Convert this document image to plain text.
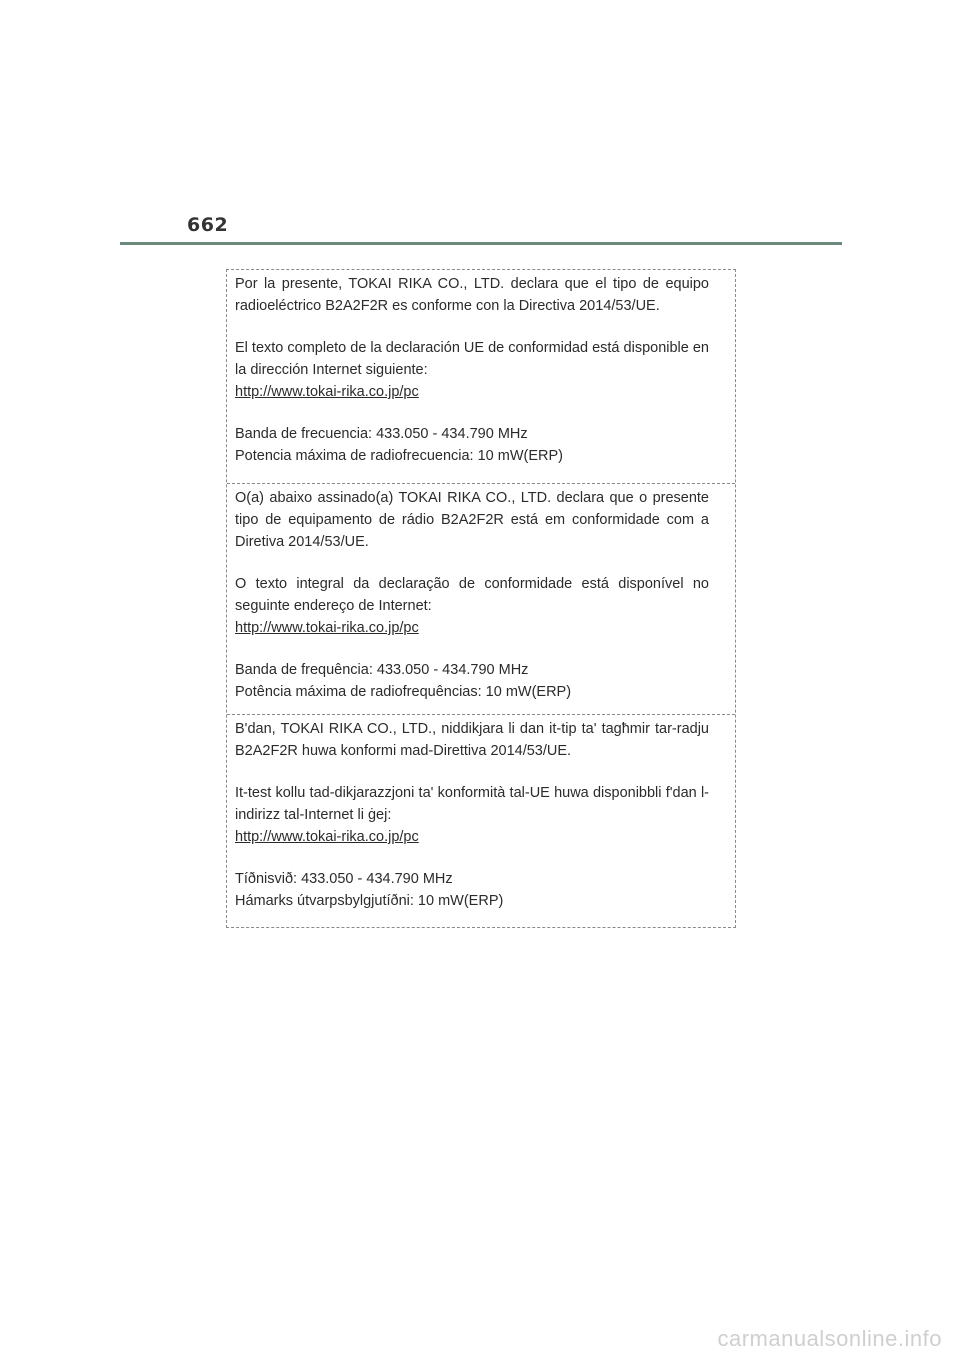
662

Por la presente, TOKAI RIKA CO., LTD. declara que el tipo de equipo radioeléctrico B2A2F2R es conforme con la Directiva 2014/53/UE.

El texto completo de la declaración UE de conformidad está disponible en la dirección Internet siguiente:
http://www.tokai-rika.co.jp/pc

Banda de frecuencia: 433.050 - 434.790 MHz
Potencia máxima de radiofrecuencia: 10 mW(ERP)

O(a) abaixo assinado(a) TOKAI RIKA CO., LTD. declara que o presente tipo de equipamento de rádio B2A2F2R está em conformidade com a Diretiva 2014/53/UE.

O texto integral da declaração de conformidade está disponível no seguinte endereço de Internet:
http://www.tokai-rika.co.jp/pc

Banda de frequência: 433.050 - 434.790 MHz
Potência máxima de radiofrequências: 10 mW(ERP)

B'dan, TOKAI RIKA CO., LTD., niddikjara li dan it-tip ta' tagħmir tar-radju B2A2F2R huwa konformi mad-Direttiva 2014/53/UE.

It-test kollu tad-dikjarazzjoni ta' konformità tal-UE huwa disponibbli f'dan l-indirizz tal-Internet li ġej:
http://www.tokai-rika.co.jp/pc

Tíðnisvið: 433.050 - 434.790 MHz
Hámarks útvarpsbylgjutíðni: 10 mW(ERP)

carmanualsonline.info
